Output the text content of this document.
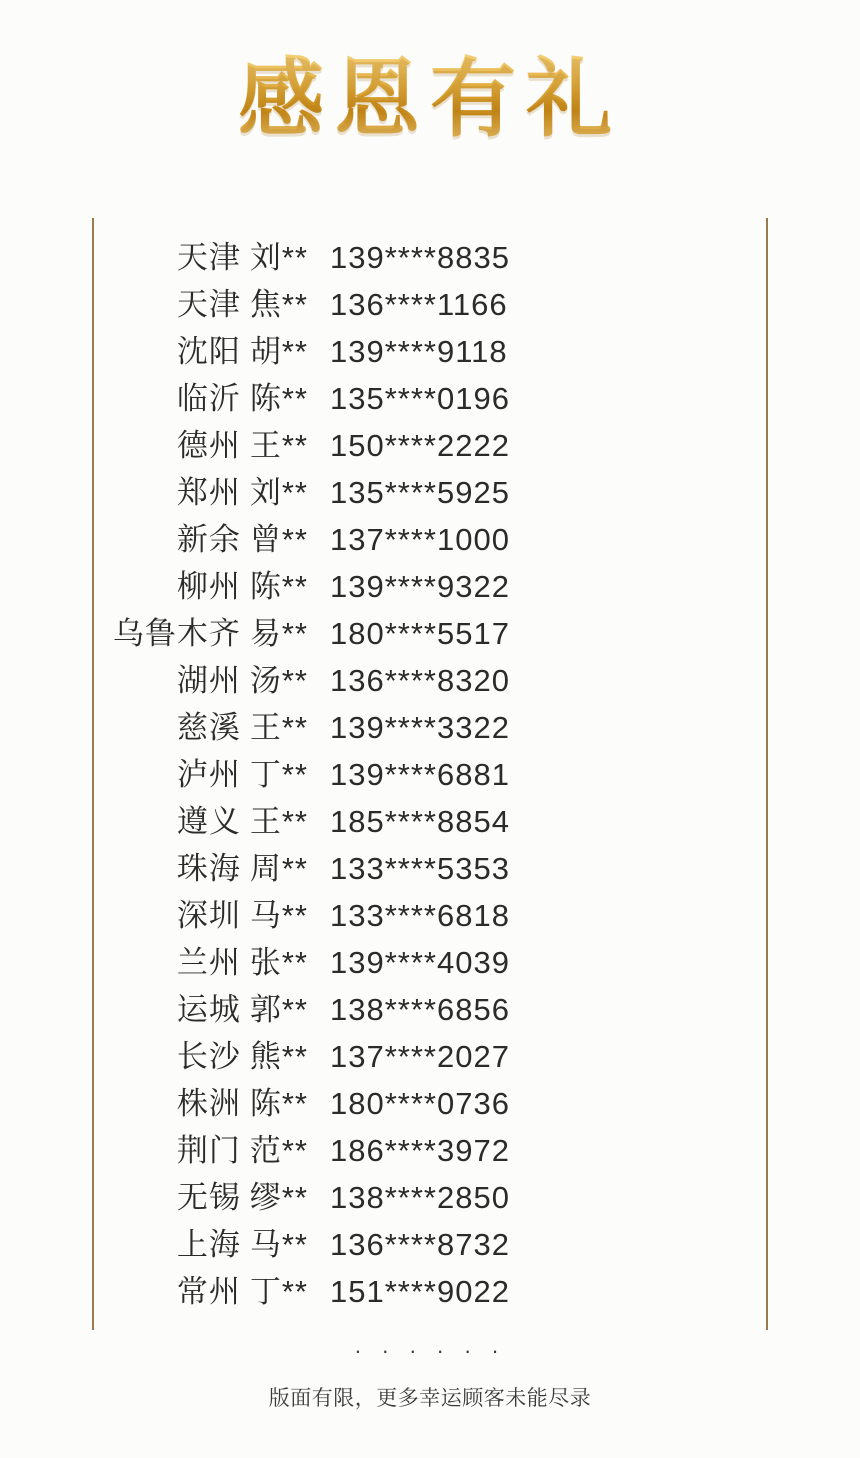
感恩有礼
天津 刘** 139****8835
天津 焦** 136****1166
沈阳 胡** 139****9118
临沂 陈** 135****0196
德州 王** 150****2222
郑州 刘** 135****5925
新余 曾** 137****1000
柳州 陈** 139****9322
乌鲁木齐 易** 180****5517
湖州 汤** 136****8320
慈溪 王** 139****3322
泸州 丁** 139****6881
遵义 王** 185****8854
珠海 周** 133****5353
深圳 马** 133****6818
兰州 张** 139****4039
运城 郭** 138****6856
长沙 熊** 137****2027
株洲 陈** 180****0736
荆门 范** 186****3972
无锡 缪** 138****2850
上海 马** 136****8732
常州 丁** 151****9022
· · · · · ·
版面有限，更多幸运顾客未能尽录
